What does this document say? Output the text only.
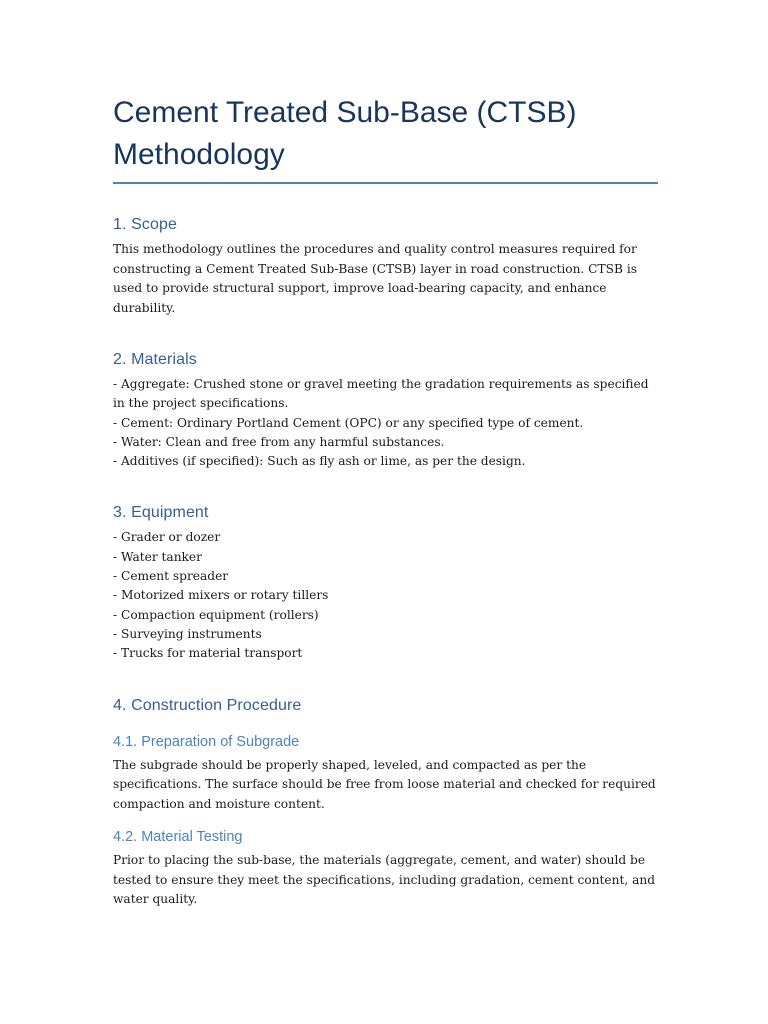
Cement Treated Sub-Base (CTSB)
Methodology
1. Scope

This methodology outlines the procedures and quality control measures required for constructing a Cement Treated Sub-Base (CTSB) layer in road construction. CTSB is used to provide structural support, improve load-bearing capacity, and enhance durability.

2. Materials
- Aggregate: Crushed stone or gravel meeting the gradation requirements as specified in the project specifications.
- Cement: Ordinary Portland Cement (OPC) or any specified type of cement.
- Water: Clean and free from any harmful substances.
- Additives (if specified): Such as fly ash or lime, as per the design.
3. Equipment
- Grader or dozer
- Water tanker
- Cement spreader
- Motorized mixers or rotary tillers
- Compaction equipment (rollers)
- Surveying instruments
- Trucks for material transport
4. Construction Procedure
4.1. Preparation of Subgrade

The subgrade should be properly shaped, leveled, and compacted as per the specifications. The surface should be free from loose material and checked for required compaction and moisture content.

4.2. Material Testing

Prior to placing the sub-base, the materials (aggregate, cement, and water) should be tested to ensure they meet the specifications, including gradation, cement content, and water quality.
